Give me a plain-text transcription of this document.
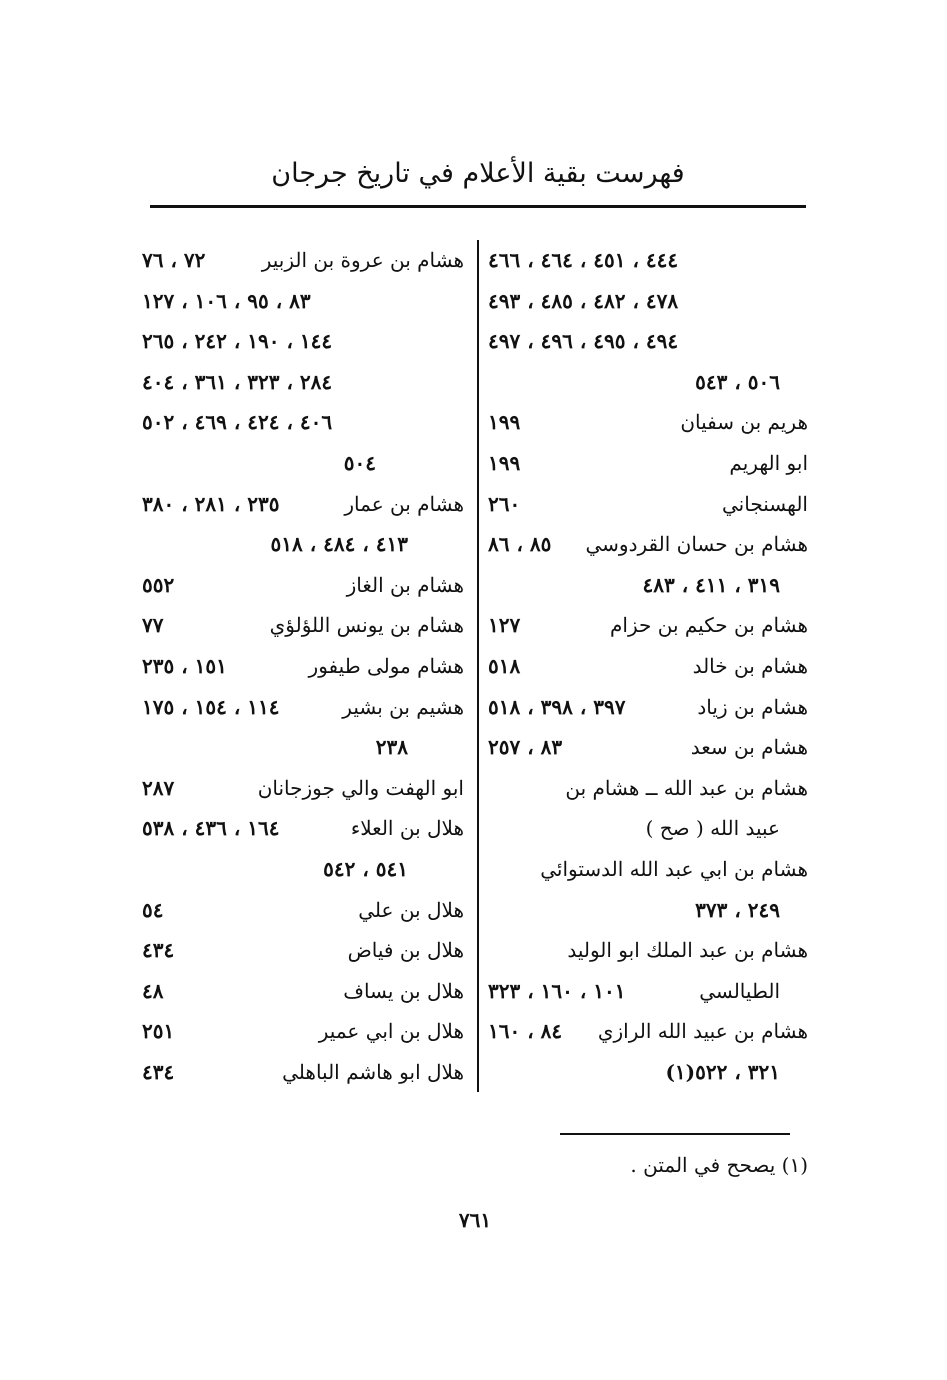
فهرست بقية الأعلام في تاريخ جرجان
٤٤٤ ، ٤٥١ ، ٤٦٤ ، ٤٦٦
٤٧٨ ، ٤٨٢ ، ٤٨٥ ، ٤٩٣
٤٩٤ ، ٤٩٥ ، ٤٩٦ ، ٤٩٧
٥٠٦ ، ٥٤٣
هريم بن سفيان
١٩٩
ابو الهريم
١٩٩
الهسنجاني
٢٦٠
هشام بن حسان القردوسي
٨٥ ، ٨٦
٣١٩ ، ٤١١ ، ٤٨٣
هشام بن حكيم بن حزام
١٢٧
هشام بن خالد
٥١٨
هشام بن زياد
٣٩٧ ، ٣٩٨ ، ٥١٨
هشام بن سعد
٨٣ ، ٢٥٧
هشام بن عبد الله ــ هشام بن
عبيد الله ( صح )
هشام بن ابي عبد الله الدستوائي
٢٤٩ ، ٣٧٣
هشام بن عبد الملك ابو الوليد
الطيالسي
١٠١ ، ١٦٠ ، ٣٢٣
هشام بن عبيد الله الرازي
٨٤ ، ١٦٠
٣٢١ ، ٥٢٢(١)
هشام بن عروة بن الزبير
٧٢ ، ٧٦
٨٣ ، ٩٥ ، ١٠٦ ، ١٢٧
١٤٤ ، ١٩٠ ، ٢٤٢ ، ٢٦٥
٢٨٤ ، ٣٢٣ ، ٣٦١ ، ٤٠٤
٤٠٦ ، ٤٢٤ ، ٤٦٩ ، ٥٠٢
٥٠٤
هشام بن عمار
٢٣٥ ، ٢٨١ ، ٣٨٠
٤١٣ ، ٤٨٤ ، ٥١٨
هشام بن الغاز
٥٥٢
هشام بن يونس اللؤلؤي
٧٧
هشام مولى طيفور
١٥١ ، ٢٣٥
هشيم بن بشير
١١٤ ، ١٥٤ ، ١٧٥
٢٣٨
ابو الهفت والي جوزجانان
٢٨٧
هلال بن العلاء
١٦٤ ، ٤٣٦ ، ٥٣٨
٥٤١ ، ٥٤٢
هلال بن علي
٥٤
هلال بن فياض
٤٣٤
هلال بن يساف
٤٨
هلال بن ابي عمير
٢٥١
هلال ابو هاشم الباهلي
٤٣٤
(١) يصحح في المتن .
٧٦١
